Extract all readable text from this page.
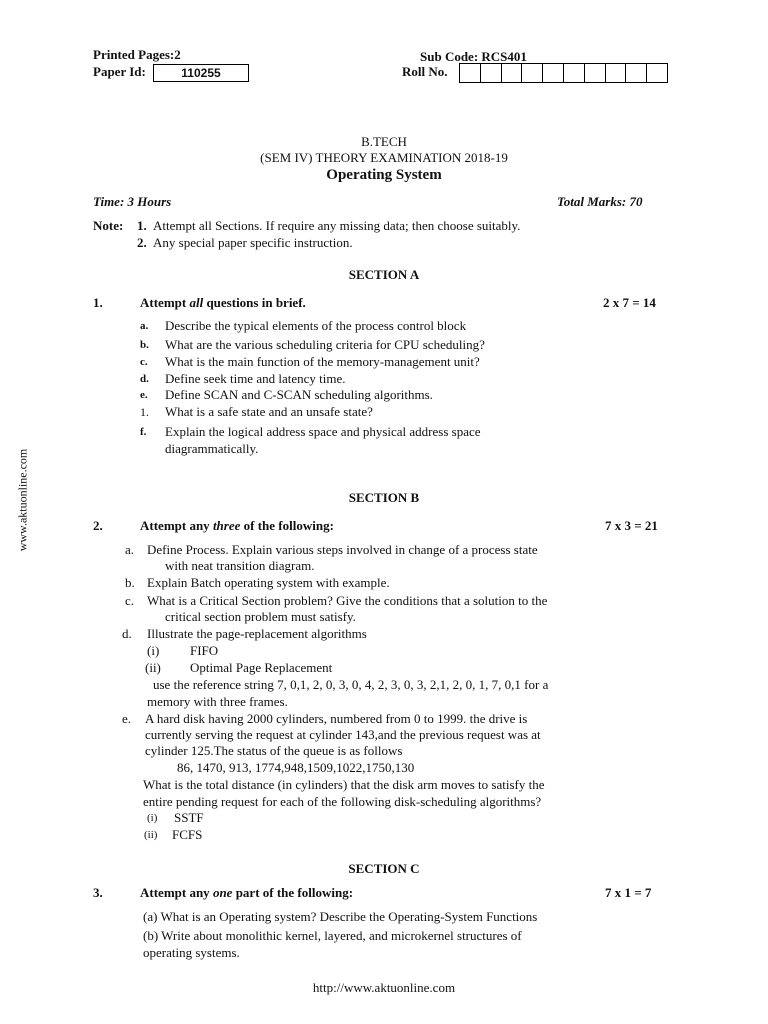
Printed Pages:2
Paper Id:	110255
Sub Code: RCS401
Roll No.
B.TECH
(SEM IV) THEORY EXAMINATION 2018-19
Operating System
Time: 3 Hours	Total Marks: 70
Note: 1. Attempt all Sections. If require any missing data; then choose suitably.
2. Any special paper specific instruction.
SECTION A
1.	Attempt all questions in brief.	2 x 7 = 14
a. Describe the typical elements of the process control block
b. What are the various scheduling criteria for CPU scheduling?
c. What is the main function of the memory-management unit?
d. Define seek time and latency time.
e. Define SCAN and C-SCAN scheduling algorithms.
1. What is a safe state and an unsafe state?
f. Explain the logical address space and physical address space
diagrammatically.
SECTION B
2.	Attempt any three of the following:	7 x 3 = 21
a. Define Process. Explain various steps involved in change of a process state
with neat transition diagram.
b. Explain Batch operating system with example.
c. What is a Critical Section problem? Give the conditions that a solution to the
critical section problem must satisfy.
d. Illustrate the page-replacement algorithms
(i) FIFO
(ii) Optimal Page Replacement
use the reference string 7, 0,1, 2, 0, 3, 0, 4, 2, 3, 0, 3, 2,1, 2, 0, 1, 7, 0,1 for a
memory with three frames.
e. A hard disk having 2000 cylinders, numbered from 0 to 1999. the drive is
currently serving the request at cylinder 143,and the previous request was at
cylinder 125.The status of the queue is as follows
86, 1470, 913, 1774,948,1509,1022,1750,130
What is the total distance (in cylinders) that the disk arm moves to satisfy the
entire pending request for each of the following disk-scheduling algorithms?
(i) SSTF
(ii) FCFS
SECTION C
3.	Attempt any one part of the following:	7 x 1 = 7
(a) What is an Operating system? Describe the Operating-System Functions
(b) Write about monolithic kernel, layered, and microkernel structures of
operating systems.
http://www.aktuonline.com
www.aktuonline.com
